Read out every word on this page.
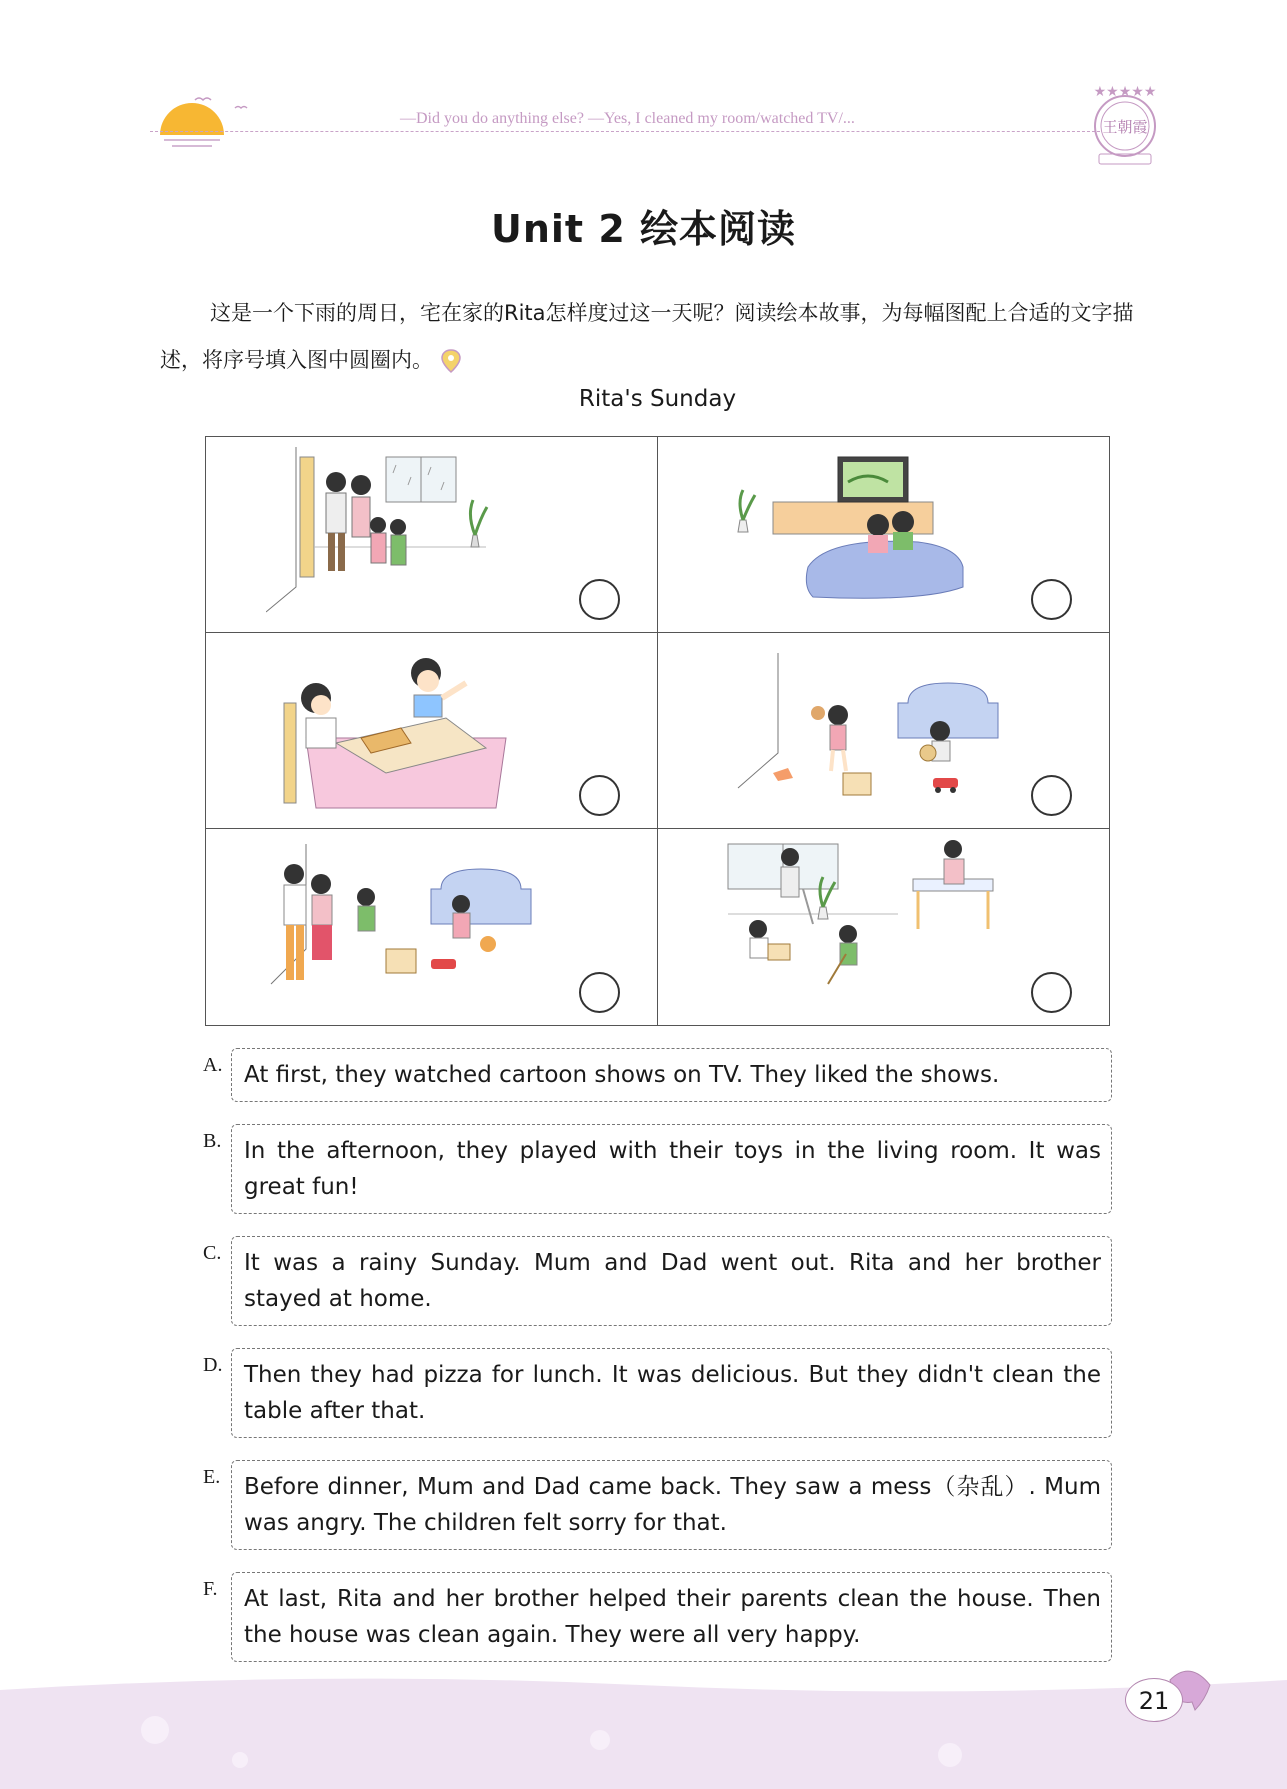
—Did you do anything else? —Yes, I cleaned my room/watched TV/...
★★★★★
王朝霞
Unit 2 绘本阅读
这是一个下雨的周日，宅在家的Rita怎样度过这一天呢？阅读绘本故事，为每幅图配上合适的文字描述，将序号填入图中圆圈内。
Rita's Sunday
A. At first, they watched cartoon shows on TV. They liked the shows.
B. In the afternoon, they played with their toys in the living room. It was great fun!
C. It was a rainy Sunday. Mum and Dad went out. Rita and her brother stayed at home.
D. Then they had pizza for lunch. It was delicious. But they didn't clean the table after that.
E.	Before dinner, Mum and Dad came back. They saw a mess（杂乱）. Mum was angry. The children felt sorry for that.
F.	At last, Rita and her brother helped their parents clean the house. Then the house was clean again. They were all very happy.
21
